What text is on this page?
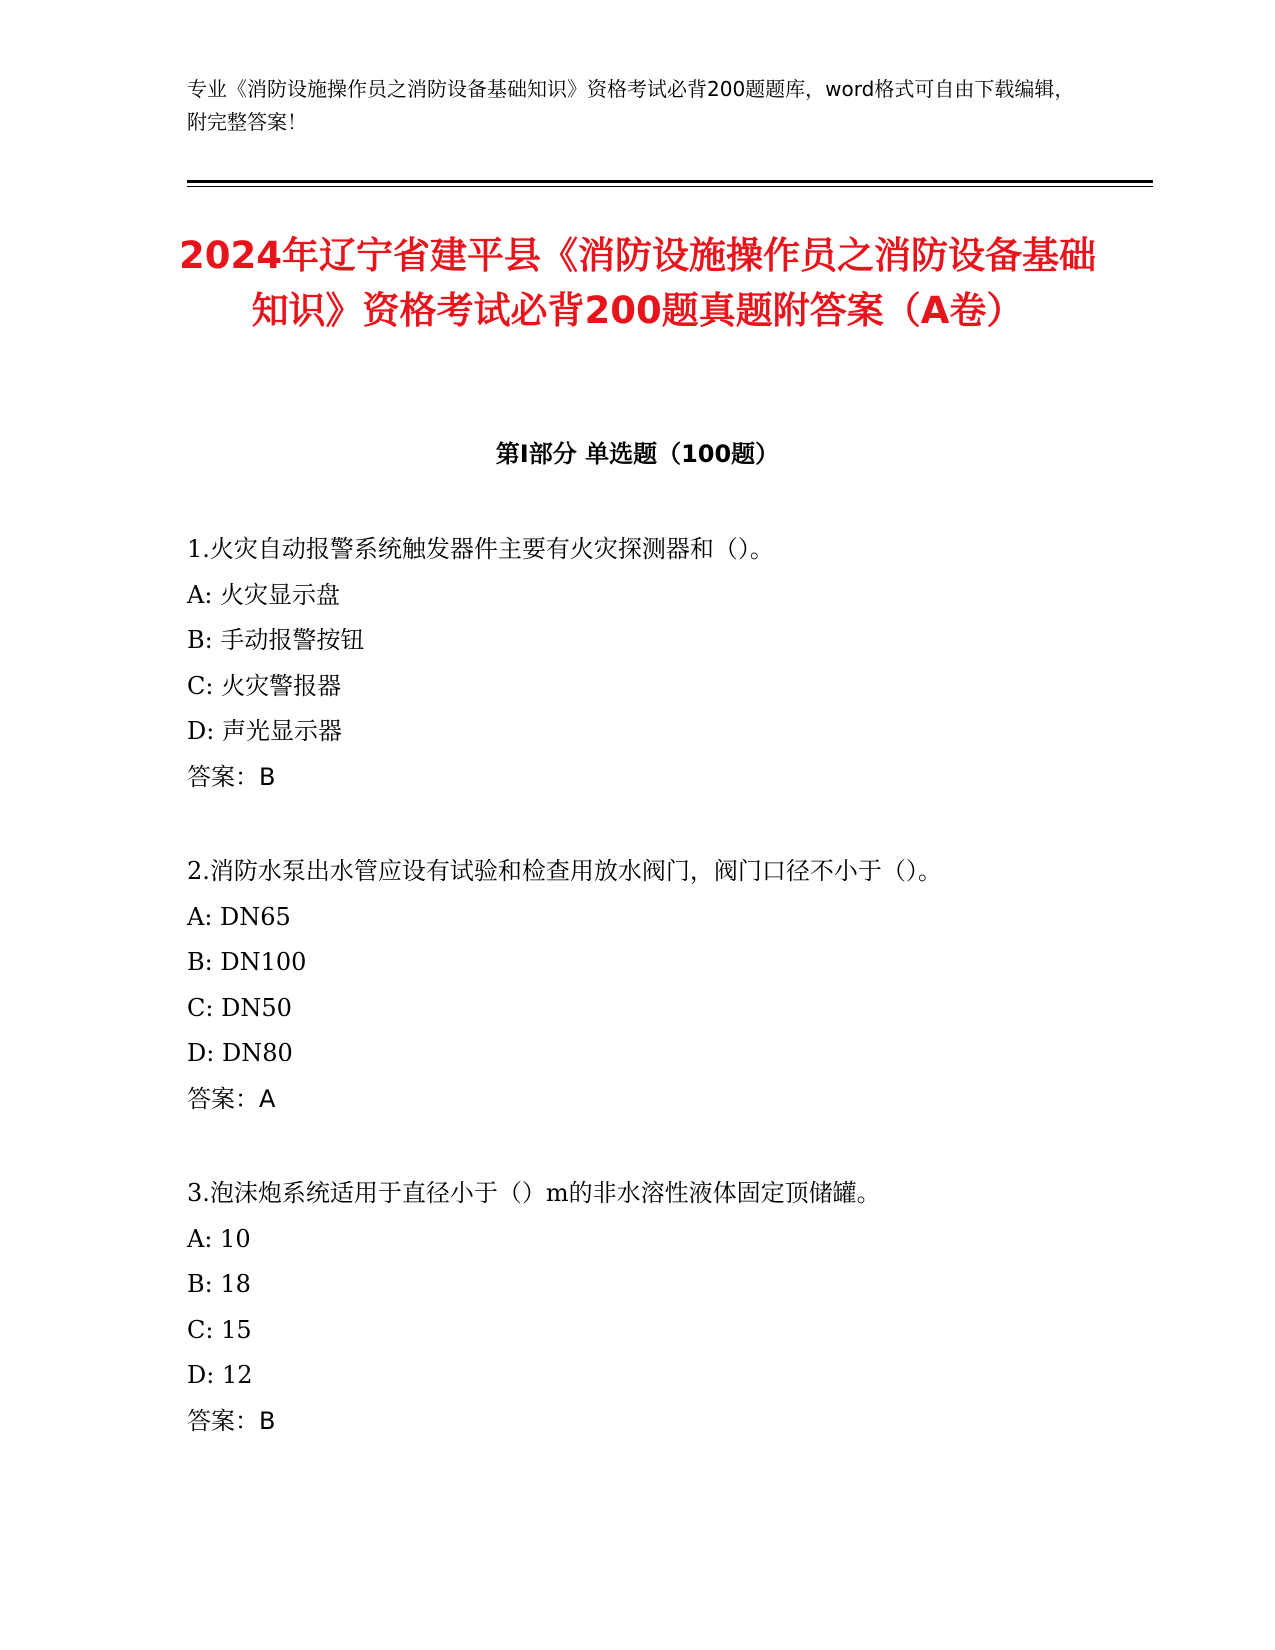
专业《消防设施操作员之消防设备基础知识》资格考试必背200题题库，word格式可自由下载编辑，附完整答案！
2024年辽宁省建平县《消防设施操作员之消防设备基础知识》资格考试必背200题真题附答案（A卷）
第I部分 单选题（100题）

1.火灾自动报警系统触发器件主要有火灾探测器和（）。

A: 火灾显示盘

B: 手动报警按钮

C: 火灾警报器

D: 声光显示器

答案：B

2.消防水泵出水管应设有试验和检查用放水阀门，阀门口径不小于（）。

A: DN65

B: DN100

C: DN50

D: DN80

答案：A

3.泡沫炮系统适用于直径小于（）m的非水溶性液体固定顶储罐。

A: 10

B: 18

C: 15

D: 12

答案：B
